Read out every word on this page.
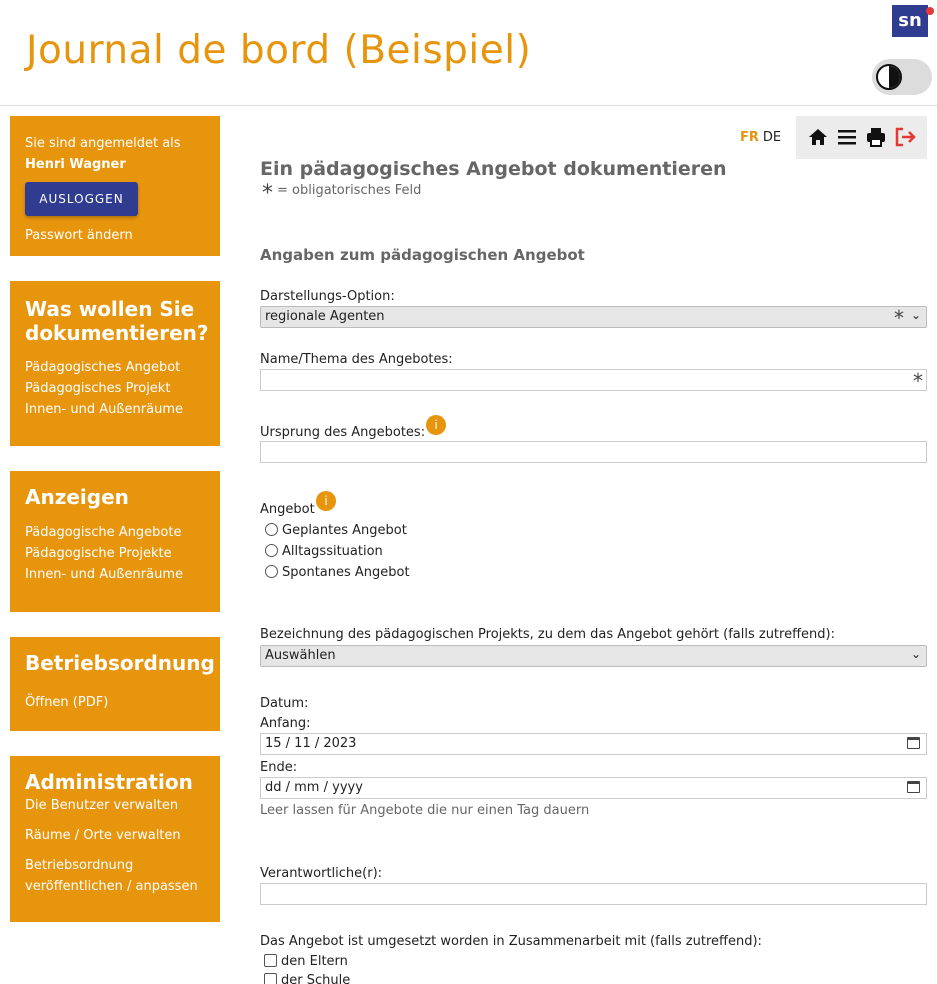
Journal de bord (Beispiel)
sn
Sie sind angemeldet als
Henri Wagner
AUSLOGGEN
Passwort ändern
Was wollen Sie dokumentieren?
Pädagogisches Angebot
Pädagogisches Projekt
Innen- und Außenräume
Anzeigen
Pädagogische Angebote
Pädagogische Projekte
Innen- und Außenräume
Betriebsordnung
Öffnen (PDF)
Administration
Die Benutzer verwalten
Räume / Orte verwalten
Betriebsordnung veröffentlichen / anpassen
FR DE
Ein pädagogisches Angebot dokumentieren
* = obligatorisches Feld
Angaben zum pädagogischen Angebot
Darstellungs-Option:
regionale Agenten	* ⌄
Name/Thema des Angebotes:
*
Ursprung des Angebotes: i
Angebot
i
Geplantes Angebot
Alltagssituation
Spontanes Angebot
Bezeichnung des pädagogischen Projekts, zu dem das Angebot gehört (falls zutreffend):
Auswählen	⌄
Datum:
Anfang:
15 / 11 / 2023
Ende:
dd / mm / yyyy
Leer lassen für Angebote die nur einen Tag dauern
Verantwortliche(r):
Das Angebot ist umgesetzt worden in Zusammenarbeit mit (falls zutreffend):
den Eltern
der Schule
